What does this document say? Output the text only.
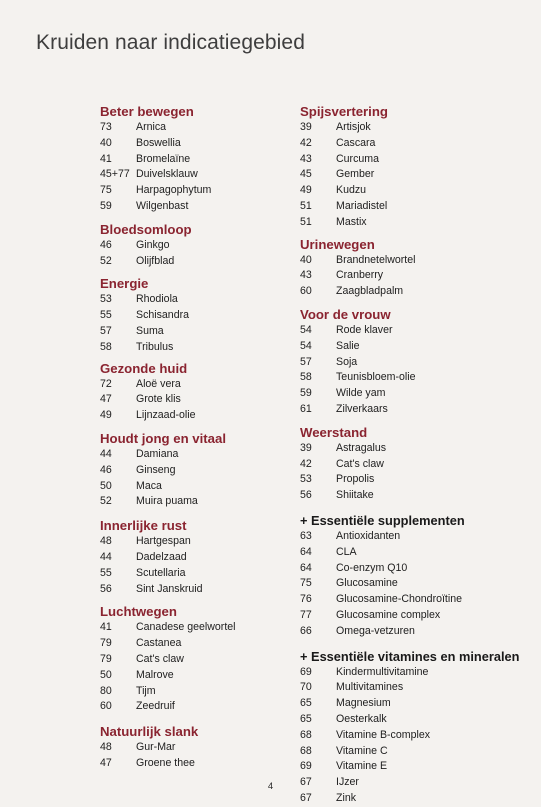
Kruiden naar indicatiegebied
Beter bewegen
73	Arnica
40	Boswellia
41	Bromelaïne
45+77 Duivelsklauw
75	Harpagophytum
59	Wilgenbast
Bloedsomloop
46	Ginkgo
52	Olijfblad
Energie
53	Rhodiola
55	Schisandra
57	Suma
58	Tribulus
Gezonde huid
72	Aloë vera
47	Grote klis
49	Lijnzaad-olie
Houdt jong en vitaal
44	Damiana
46	Ginseng
50	Maca
52	Muira puama
Innerlijke rust
48	Hartgespan
44	Dadelzaad
55	Scutellaria
56	Sint Janskruid
Luchtwegen
41	Canadese geelwortel
79	Castanea
79	Cat's claw
50	Malrove
80	Tijm
60	Zeedruif
Natuurlijk slank
48	Gur-Mar
47	Groene thee
Spijsvertering
39	Artisjok
42	Cascara
43	Curcuma
45	Gember
49	Kudzu
51	Mariadistel
51	Mastix
Urinewegen
40	Brandnetelwortel
43	Cranberry
60	Zaagbladpalm
Voor de vrouw
54	Rode klaver
54	Salie
57	Soja
58	Teunisbloem-olie
59	Wilde yam
61	Zilverkaars
Weerstand
39	Astragalus
42	Cat's claw
53	Propolis
56	Shiitake
+ Essentiële supplementen
63	Antioxidanten
64	CLA
64	Co-enzym Q10
75	Glucosamine
76	Glucosamine-Chondroïtine
77	Glucosamine complex
66	Omega-vetzuren
+ Essentiële vitamines en mineralen
69	Kindermultivitamine
70	Multivitamines
65	Magnesium
65	Oesterkalk
68	Vitamine B-complex
68	Vitamine C
69	Vitamine E
67	IJzer
67	Zink
4
